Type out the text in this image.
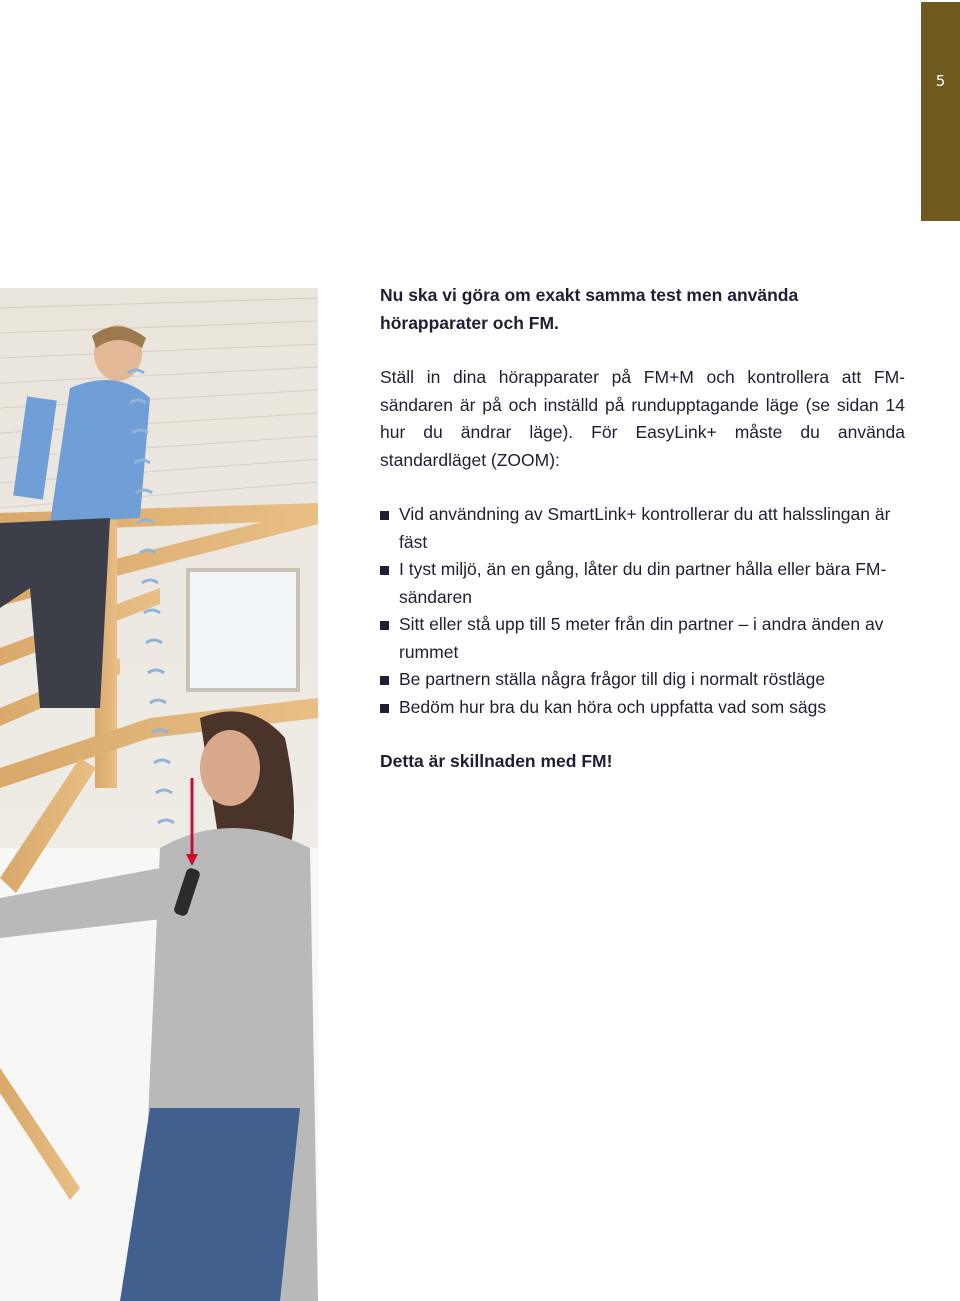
5

Nu ska vi göra om exakt samma test men använda hörapparater och FM.

Ställ in dina hörapparater på FM+M och kontrollera att FM-sändaren är på och inställd på rundupptagande läge (se sidan 14 hur du ändrar läge). För EasyLink+ måste du använda standardläget (ZOOM):

Vid användning av SmartLink+ kontrollerar du att halsslingan är fäst
I tyst miljö, än en gång, låter du din partner hålla eller bära FM-sändaren
Sitt eller stå upp till 5 meter från din partner – i andra änden av rummet
Be partnern ställa några frågor till dig i normalt röstläge
Bedöm hur bra du kan höra och uppfatta vad som sägs

Detta är skillnaden med FM!
